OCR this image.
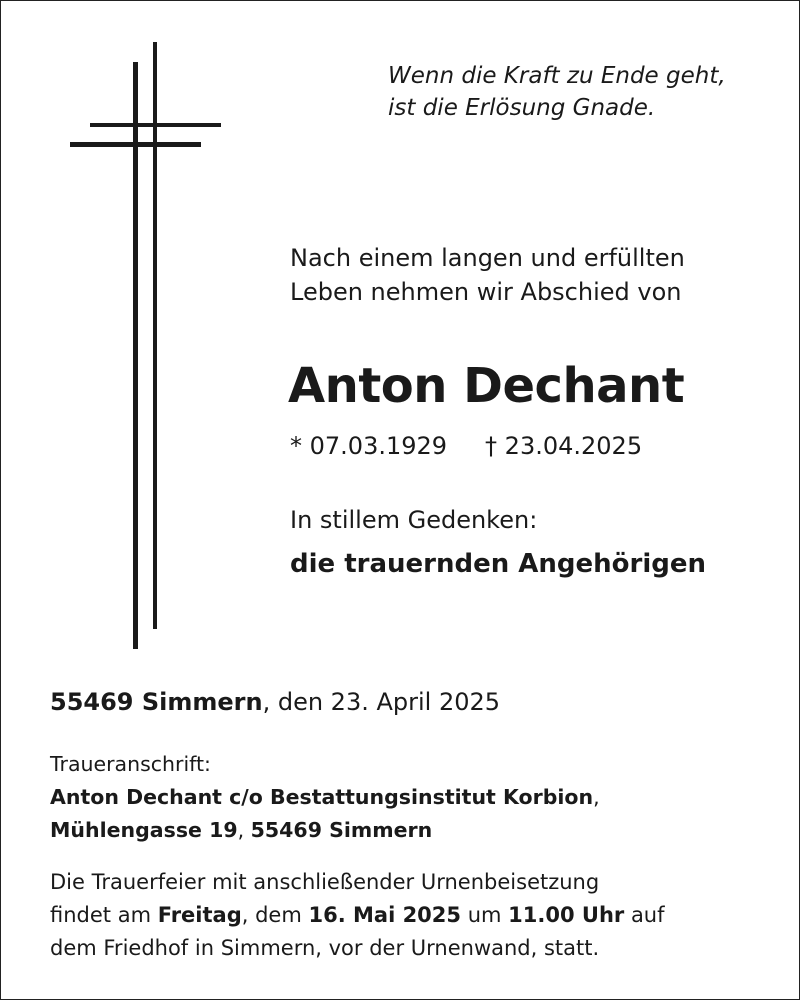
Wenn die Kraft zu Ende geht,
ist die Erlösung Gnade.
Nach einem langen und erfüllten
Leben nehmen wir Abschied von
Anton Dechant
* 07.03.1929 † 23.04.2025
In stillem Gedenken:
die trauernden Angehörigen
55469 Simmern, den 23. April 2025
Traueranschrift:
Anton Dechant c/o Bestattungsinstitut Korbion,
Mühlengasse 19, 55469 Simmern
Die Trauerfeier mit anschließender Urnenbeisetzung
findet am Freitag, dem 16. Mai 2025 um 11.00 Uhr auf
dem Friedhof in Simmern, vor der Urnenwand, statt.
